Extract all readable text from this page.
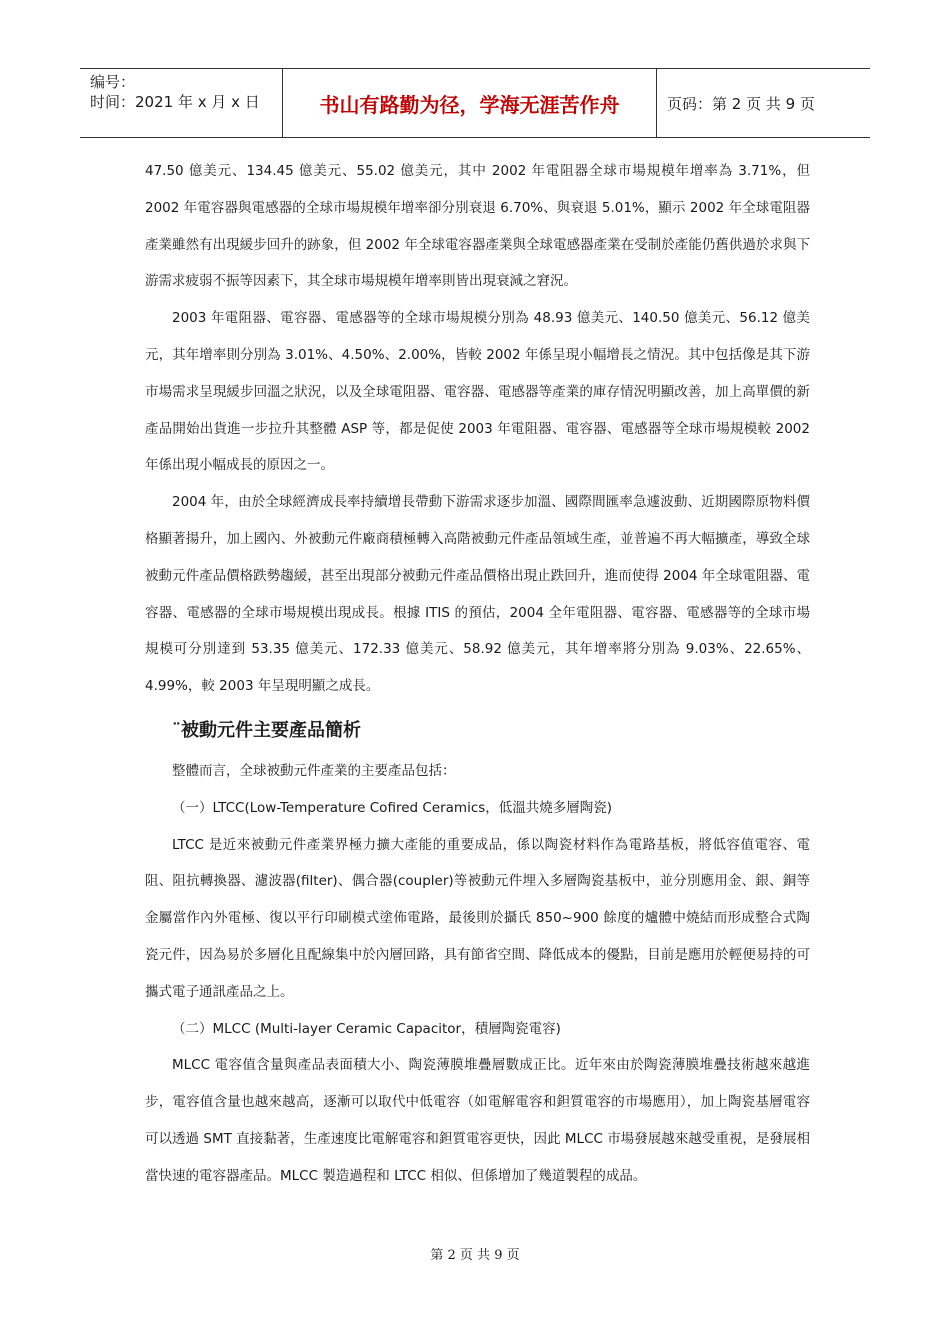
编号：
时间：2021 年 x 月 x 日	书山有路勤为径，学海无涯苦作舟	页码：第 2 页 共 9 页

47.50 億美元、134.45 億美元、55.02 億美元，其中 2002 年電阻器全球市場規模年增率為 3.71%，但 2002 年電容器與電感器的全球市場規模年增率卻分別衰退 6.70%、與衰退 5.01%，顯示 2002 年全球電阻器產業雖然有出現緩步回升的跡象，但 2002 年全球電容器產業與全球電感器產業在受制於產能仍舊供過於求與下游需求疲弱不振等因素下，其全球市場規模年增率則皆出現衰減之窘況。

2003 年電阻器、電容器、電感器等的全球市場規模分別為 48.93 億美元、140.50 億美元、56.12 億美元，其年增率則分別為 3.01%、4.50%、2.00%，皆較 2002 年係呈現小幅增長之情況。其中包括像是其下游市場需求呈現緩步回溫之狀況，以及全球電阻器、電容器、電感器等產業的庫存情況明顯改善，加上高單價的新產品開始出貨進一步拉升其整體 ASP 等，都是促使 2003 年電阻器、電容器、電感器等全球市場規模較 2002 年係出現小幅成長的原因之一。

2004 年，由於全球經濟成長率持續增長帶動下游需求逐步加溫、國際間匯率急遽波動、近期國際原物料價格顯著揚升，加上國內、外被動元件廠商積極轉入高階被動元件產品領域生產，並普遍不再大幅擴產，導致全球被動元件產品價格跌勢趨緩，甚至出現部分被動元件產品價格出現止跌回升，進而使得 2004 年全球電阻器、電容器、電感器的全球市場規模出現成長。根據 ITIS 的預估，2004 全年電阻器、電容器、電感器等的全球市場規模可分別達到 53.35 億美元、172.33 億美元、58.92 億美元，其年增率將分別為 9.03%、22.65%、4.99%，較 2003 年呈現明顯之成長。

¨被動元件主要產品簡析

整體而言，全球被動元件產業的主要產品包括：

（一）LTCC(Low-Temperature Cofired Ceramics，低溫共燒多層陶瓷)

LTCC 是近來被動元件產業界極力擴大產能的重要成品，係以陶瓷材料作為電路基板，將低容值電容、電阻、阻抗轉換器、濾波器(filter)、偶合器(coupler)等被動元件埋入多層陶瓷基板中，並分別應用金、銀、銅等金屬當作內外電極、復以平行印刷模式塗佈電路，最後則於攝氏 850~900 餘度的爐體中燒結而形成整合式陶瓷元件，因為易於多層化且配線集中於內層回路，具有節省空間、降低成本的優點，目前是應用於輕便易持的可攜式電子通訊產品之上。

（二）MLCC (Multi-layer Ceramic Capacitor，積層陶瓷電容)

MLCC 電容值含量與產品表面積大小、陶瓷薄膜堆疊層數成正比。近年來由於陶瓷薄膜堆疊技術越來越進步，電容值含量也越來越高，逐漸可以取代中低電容（如電解電容和鉭質電容的市場應用），加上陶瓷基層電容可以透過 SMT 直接黏著，生產速度比電解電容和鉭質電容更快，因此 MLCC 市場發展越來越受重視，是發展相當快速的電容器產品。MLCC 製造過程和 LTCC 相似、但係增加了幾道製程的成品。

第 2 页 共 9 页
